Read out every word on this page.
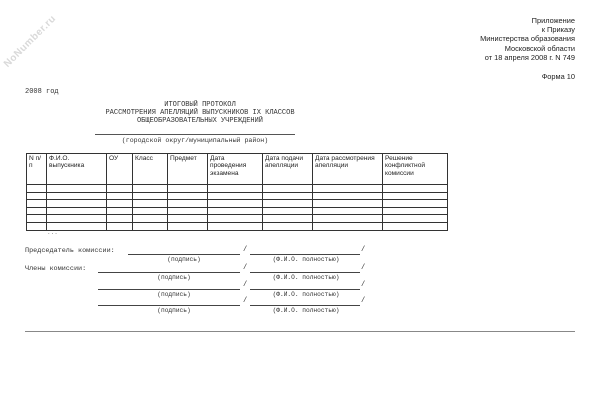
NoNumber.ru	Приложение
к Приказу
Министерства образования
Московской области
от 18 апреля 2008 г. N 749
Форма 10
2008 год
ИТОГОВЫЙ ПРОТОКОЛ
РАССМОТРЕНИЯ АПЕЛЛЯЦИЙ ВЫПУСКНИКОВ IX КЛАССОВ
ОБЩЕОБРАЗОВАТЕЛЬНЫХ УЧРЕЖДЕНИЙ
(городской округ/муниципальный район)
N п/п	Ф.И.О. выпускника	ОУ	Класс	Предмет	Дата проведения экзамена	Дата подачи апелляции	Дата рассмотрения апелляции	Решение конфликтной комиссии

...
Председатель комиссии:	/	/
(подпись)	(Ф.И.О. полностью)
Члены комиссии:	/	/
(подпись)	(Ф.И.О. полностью)
/	/
(подпись)	(Ф.И.О. полностью)
/	/
(подпись)	(Ф.И.О. полностью)
